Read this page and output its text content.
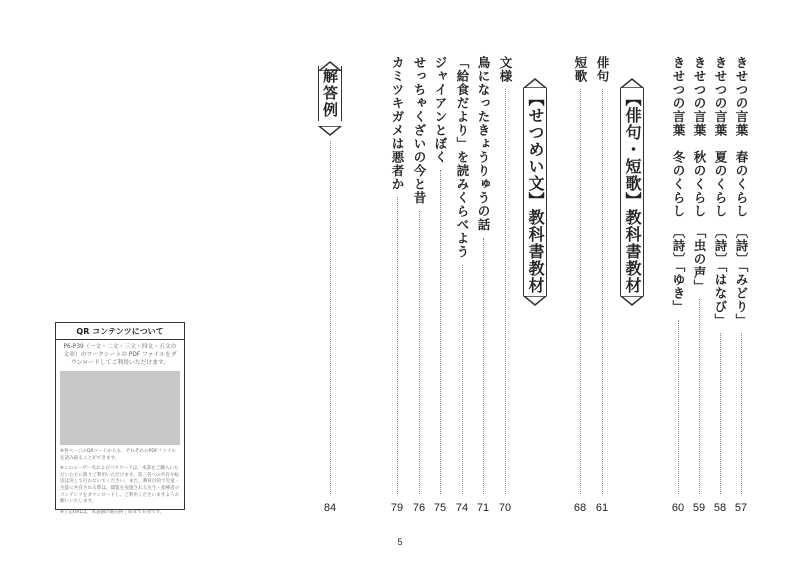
きせつの言葉　春のくらし　〔詩〕「みどり」
57
きせつの言葉　夏のくらし　〔詩〕「はなび」
58
きせつの言葉　秋のくらし　「虫の声」
59
きせつの言葉　冬のくらし　〔詩〕「ゆき」
60
【俳句・短歌】教科書教材
俳句
61
短歌
68
【せつめい文】教科書教材
文様
70
鳥になったきょうりゅうの話
71
「給食だより」を読みくらべよう
74
ジャイアンとぼく
75
せっちゃくざいの今と昔
76
カミツキガメは悪者か
79
解答例
84
QR コンテンツについて
P6-P39（一文・二文・三文・四文・五文の文章）のワークシートの PDF ファイルをダウンロードしてご利用いただけます。
※各ページのQRコードからも、それぞれのPDFファイルを読み取ることができます。
※このユーザー名およびパスワードは、本書をご購入いただいた方に限りご利用いただけます。第三者への共有や転送は決して行わないでください。また、教育目的で児童・生徒に共有される際は、閲覧を実施される先生・指導者のコンテンツをダウンロードし、ご利用くださいますようお願いいたします。
※上記URLは、本書籍の販売終了時まで有効です。
5
